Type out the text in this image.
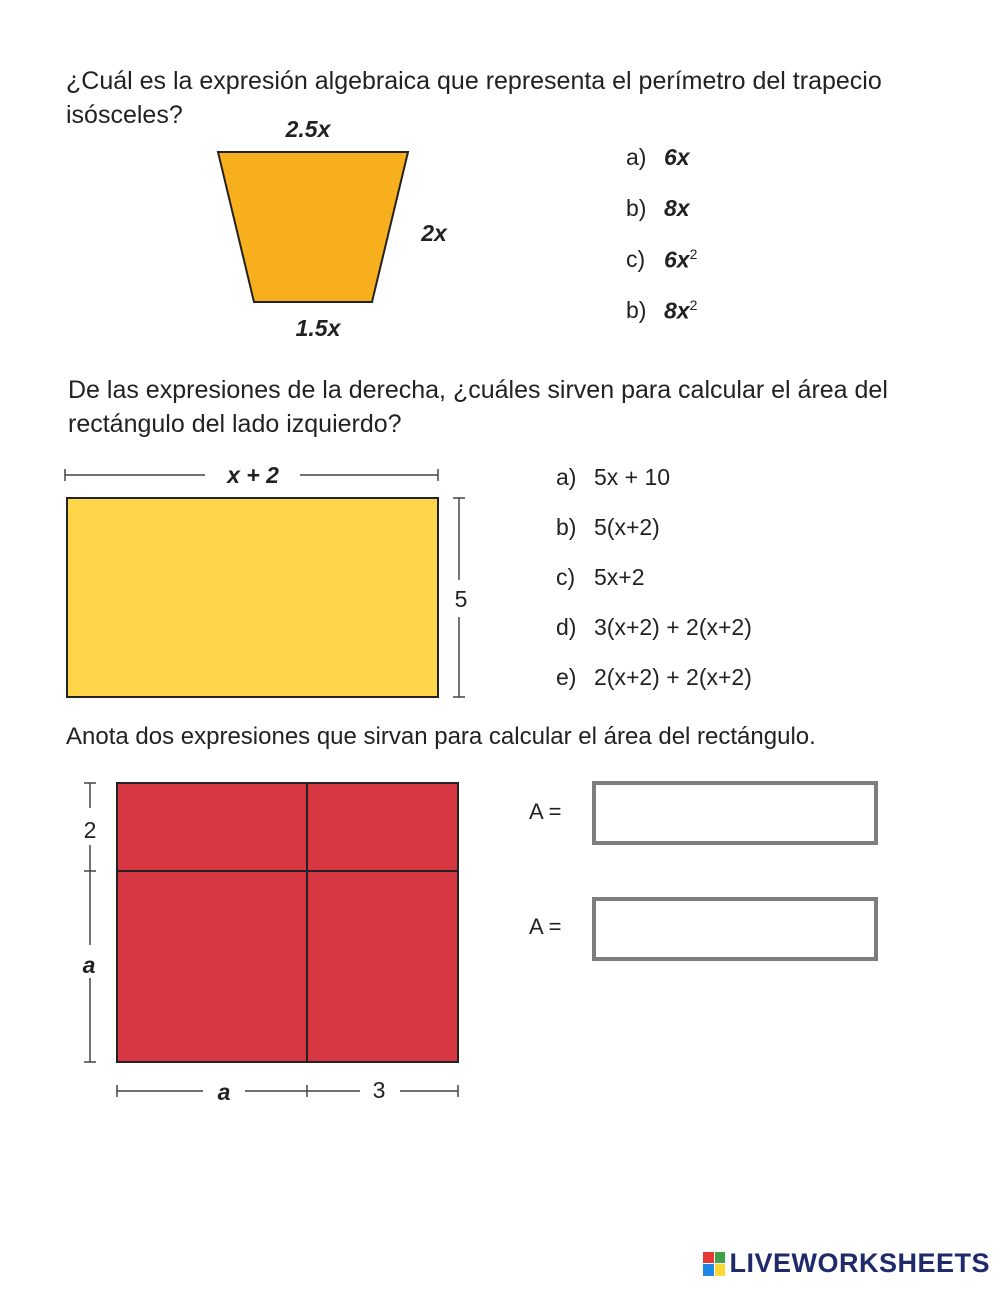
¿Cuál es la expresión algebraica que representa el perímetro del trapecio isósceles?	2.5x
2x
1.5x
a) 6x
b) 8x
c) $6x^2$
b) $8x^2$
De las expresiones de la derecha, ¿cuáles sirven para calcular el área del rectángulo del lado izquierdo?
x + 2
5
a) 5x + 10
b) 5(x+2)
c) 5x+2
d) 3(x+2) + 2(x+2)
e) 2(x+2) + 2(x+2)
Anota dos expresiones que sirvan para calcular el área del rectángulo.
2
a
a	3
A =
A =
LIVEWORKSHEETS
